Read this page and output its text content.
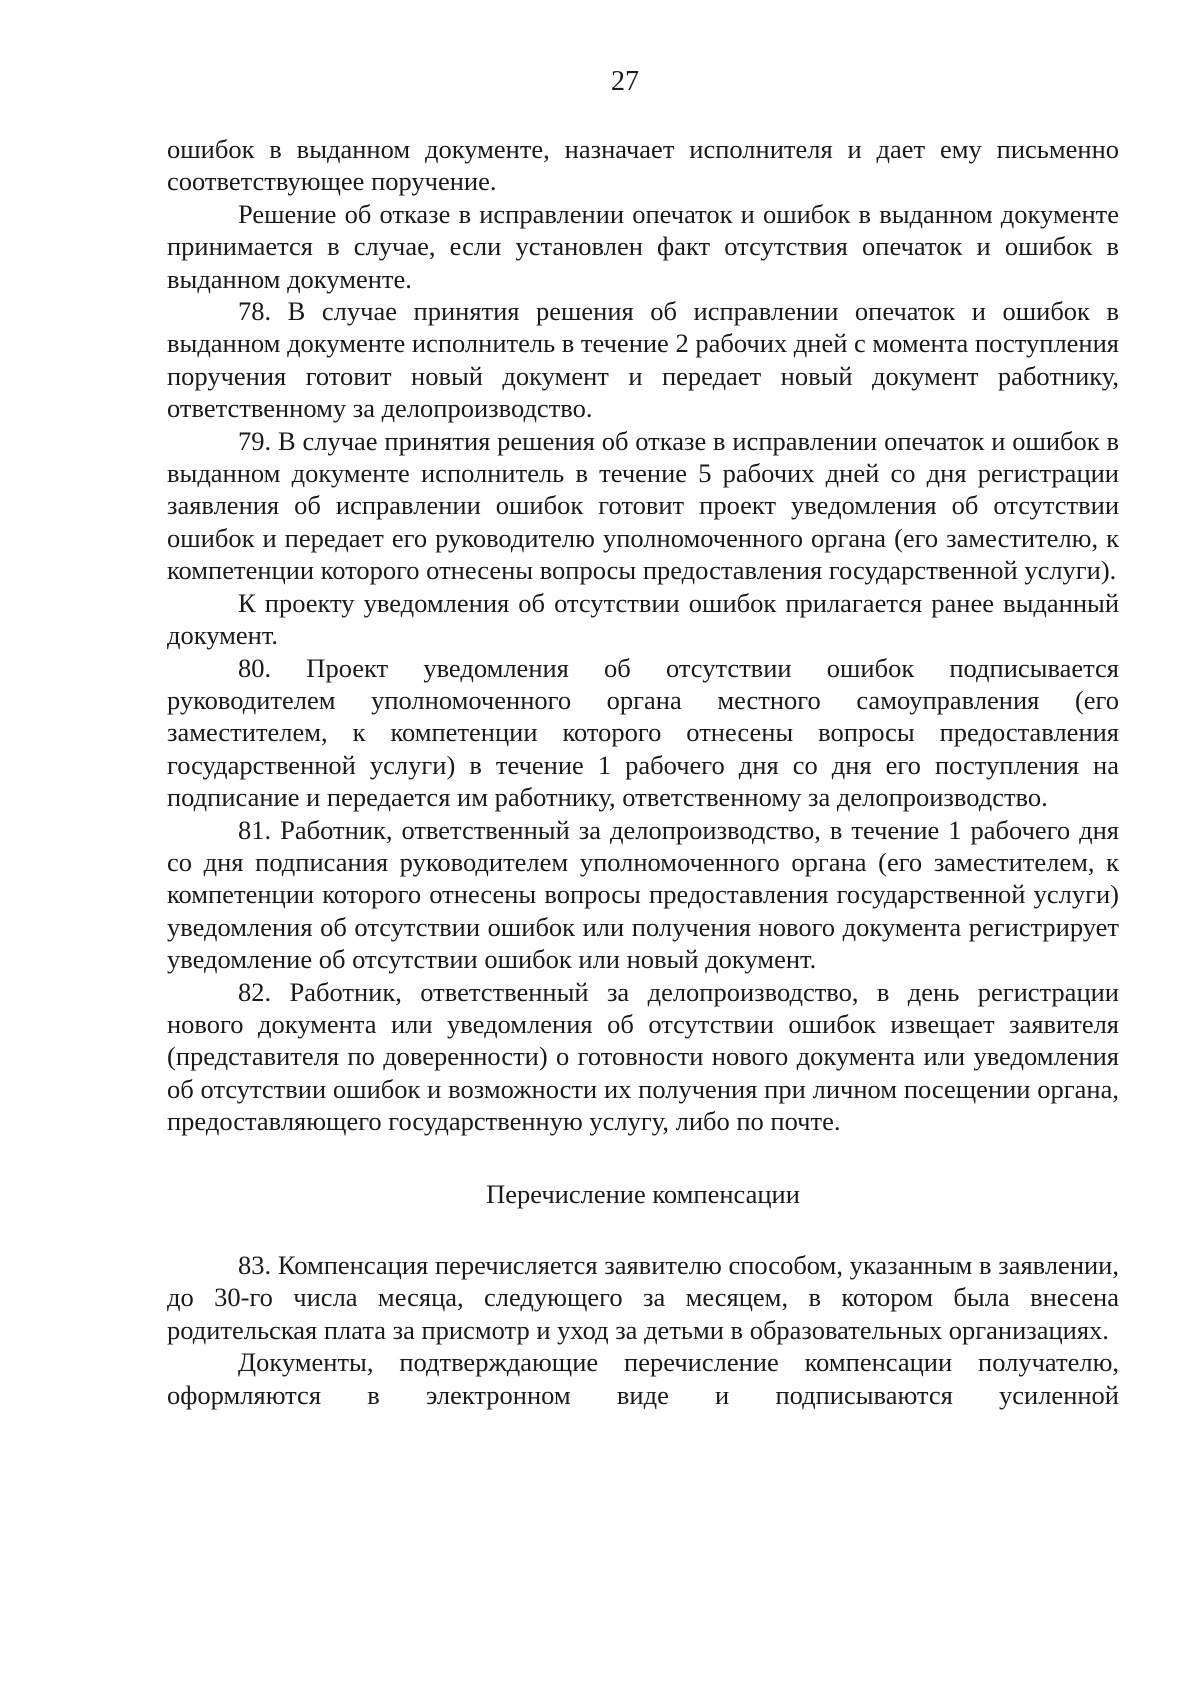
27

ошибок в выданном документе, назначает исполнителя и дает ему письменно соответствующее поручение.

Решение об отказе в исправлении опечаток и ошибок в выданном документе принимается в случае, если установлен факт отсутствия опечаток и ошибок в выданном документе.

78. В случае принятия решения об исправлении опечаток и ошибок в выданном документе исполнитель в течение 2 рабочих дней с момента поступления поручения готовит новый документ и передает новый документ работнику, ответственному за делопроизводство.

79. В случае принятия решения об отказе в исправлении опечаток и ошибок в выданном документе исполнитель в течение 5 рабочих дней со дня регистрации заявления об исправлении ошибок готовит проект уведомления об отсутствии ошибок и передает его руководителю уполномоченного органа (его заместителю, к компетенции которого отнесены вопросы предоставления государственной услуги).

К проекту уведомления об отсутствии ошибок прилагается ранее выданный документ.

80. Проект уведомления об отсутствии ошибок подписывается руководителем уполномоченного органа местного самоуправления (его заместителем, к компетенции которого отнесены вопросы предоставления государственной услуги) в течение 1 рабочего дня со дня его поступления на подписание и передается им работнику, ответственному за делопроизводство.

81. Работник, ответственный за делопроизводство, в течение 1 рабочего дня со дня подписания руководителем уполномоченного органа (его заместителем, к компетенции которого отнесены вопросы предоставления государственной услуги) уведомления об отсутствии ошибок или получения нового документа регистрирует уведомление об отсутствии ошибок или новый документ.

82. Работник, ответственный за делопроизводство, в день регистрации нового документа или уведомления об отсутствии ошибок извещает заявителя (представителя по доверенности) о готовности нового документа или уведомления об отсутствии ошибок и возможности их получения при личном посещении органа, предоставляющего государственную услугу, либо по почте.

Перечисление компенсации

83. Компенсация перечисляется заявителю способом, указанным в заявлении, до 30-го числа месяца, следующего за месяцем, в котором была внесена родительская плата за присмотр и уход за детьми в образовательных организациях.

Документы, подтверждающие перечисление компенсации получателю, оформляются в электронном виде и подписываются усиленной
